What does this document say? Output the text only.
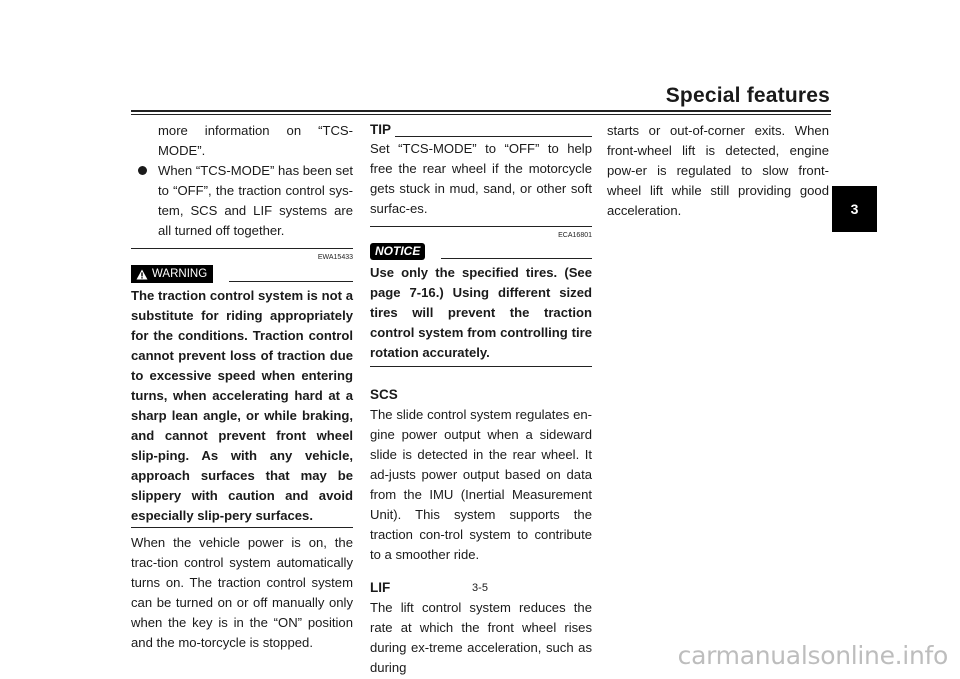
Special features
3

more information on “TCS-MODE”.

When “TCS-MODE” has been set to “OFF”, the traction control sys-tem, SCS and LIF systems are all turned off together.
EWA15433
WARNING

The traction control system is not a substitute for riding appropriately for the conditions. Traction control cannot prevent loss of traction due to excessive speed when entering turns, when accelerating hard at a sharp lean angle, or while braking, and cannot prevent front wheel slip-ping. As with any vehicle, approach surfaces that may be slippery with caution and avoid especially slip-pery surfaces.

When the vehicle power is on, the trac-tion control system automatically turns on. The traction control system can be turned on or off manually only when the key is in the “ON” position and the mo-torcycle is stopped.

TIP

Set “TCS-MODE” to “OFF” to help free the rear wheel if the motorcycle gets stuck in mud, sand, or other soft surfac-es.

ECA16801
NOTICE

Use only the specified tires. (See page 7-16.) Using different sized tires will prevent the traction control system from controlling tire rotation accurately.

SCS

The slide control system regulates en-gine power output when a sideward slide is detected in the rear wheel. It ad-justs power output based on data from the IMU (Inertial Measurement Unit). This system supports the traction con-trol system to contribute to a smoother ride.

LIF

The lift control system reduces the rate at which the front wheel rises during ex-treme acceleration, such as during

starts or out-of-corner exits. When front-wheel lift is detected, engine pow-er is regulated to slow front-wheel lift while still providing good acceleration.

3-5
carmanualsonline.info
